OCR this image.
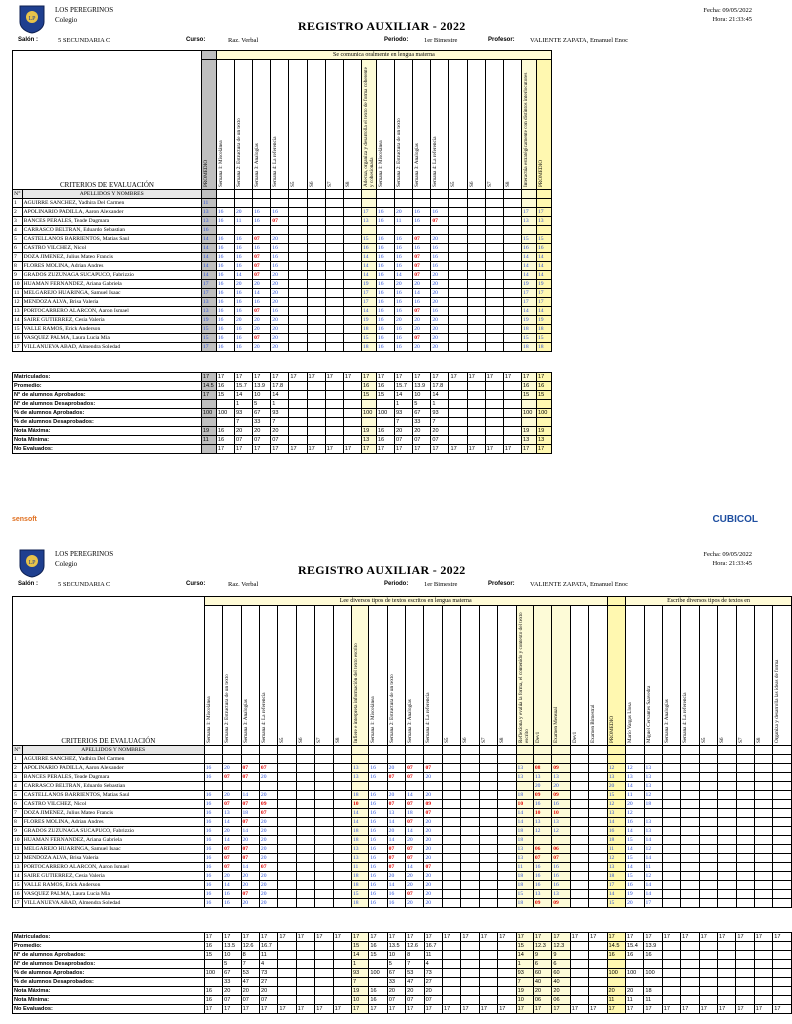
LP
LOS PEREGRINOS
Colegio	REGISTRO AUXILIAR - 2022
Fecha: 09/05/2022
Hora: 21:33:45
Salón :	5 SECUNDARIA C	Curso:	Raz. Verbal	Periodo: 1er Bimestre	Profesor: VALIENTE ZAPATA, Emanuel Enoc
CRITERIOS DE EVALUACIÓN			Se comunica oralmente en lengua materna																		

		PROMEDIO	Semana 1: Miscelánea	Semana 2: Estructura de un texto	Semana 3: Analogías	Semana 4: La referencia	S5	S6	S7	S8	Adecua, organiza y desarrolla el texto de forma coherente y cohesionada	Semana 1: Miscelánea	Semana 2: Estructura de un texto	Semana 3: Analogías	Semana 4: La referencia	S5	S6	S7	S8	Interactúa estratégicamente con distintos interlocutores	PROMEDIO

N°	APELLIDOS Y NOMBRES																				
1	AGUIRRE SANCHEZ, Yadhira Del Carmen	11																			
2	APOLINARIO PADILLA, Aaron Alexander	13	16	20	16	16					17	16	20	16	16					17	17
3	BANCES PERALES, Teade Dagmara	13	16	11	16	07					13	16	11	16	07					13	13
4	CARRASCO BELTRAN, Eduardo Sebastian	16																			
5	CASTELLANOS BARRIENTOS, Matias Saul	14	16	16	07	20					15	16	16	07	20					15	15
6	CASTRO VILCHEZ, Nicol	14	16	16	16	16					16	16	16	16	16					16	16
7	DOZA JIMENEZ, Julius Mateo Francis	14	16	16	07	16					14	16	16	07	16					14	14
8	FLORES MOLINA, Adrian Andres	14	16	16	07	16					14	16	16	07	16					14	14
9	GRADOS ZUZUNAGA SUCAPUCO, Fabrizzio	14	16	14	07	20					14	16	14	07	20					14	14
10	HUAMAN FERNANDEZ, Ariana Gabriela	17	16	20	20	20					19	16	20	20	20					19	19
11	MELGAREJO HUARINGA, Samuel Isaac	17	16	16	14	20					17	16	16	14	20					17	17
12	MENDOZA ALVA, Brisa Valeria	13	16	16	16	20					17	16	16	16	20					17	17
13	PORTOCARRERO ALARCON, Aaron Ismael	13	16	16	07	16					14	16	16	07	16					14	14
14	SAIRE GUTIERREZ, Cesia Valeria	19	16	20	20	20					19	16	20	20	20					19	19
15	VALLE RAMOS, Erick Anderson	15	16	16	20	20					18	16	16	20	20					18	18
16	VASQUEZ PALMA, Laura Lucia Mia	15	16	16	07	20					15	16	16	07	20					15	15
17	VILLANUEVA ABAD, Almendra Soledad	17	16	16	20	20					18	16	16	20	20					18	18
Matriculados:	17	17	17	17	17	17	17	17	17	17	17	17	17	17	17	17	17	17	17	17
Promedio:	14.5	16	15.7	13.9	17.8					16	16	15.7	13.9	17.8					16	16
N° de alumnos Aprobados:	17	15	14	10	14					15	15	14	10	14					15	15
N° de alumnos Desaprobados:			1	5	1							1	5	1						
% de alumnos Aprobados:	100	100	93	67	93					100	100	93	67	93					100	100
% de alumnos Desaprobados:			7	33	7							7	33	7						
Nota Máxima:	19	16	20	20	20					19	16	20	20	20					19	19
Nota Mínima:	11	16	07	07	07					13	16	07	07	07					13	13
No Evaluados:		17	17	17	17	17	17	17	17	17	17	17	17	17	17	17	17	17	17	17
sensoft	CUBICOL
LP
LOS PEREGRINOS
Colegio	REGISTRO AUXILIAR - 2022
Fecha: 09/05/2022
Hora: 21:33:45
Salón :	5 SECUNDARIA C	Curso:	Raz. Verbal	Periodo: 1er Bimestre	Profesor: VALIENTE ZAPATA, Emanuel Enoc
CRITERIOS DE EVALUACIÓN		Lee diversos tipos de textos escritos en lengua materna																							Escribe diversos tipos de textos en								

		Semana 1: Miscelánea	Semana 2: Estructura de un texto	Semana 3: Analogías	Semana 4: La referencia	S5	S6	S7	S8	Infiere e interpreta información del texto escrito	Semana 1: Miscelánea	Semana 2: Estructura de un texto	Semana 3: Analogías	Semana 4: La referencia	S5	S6	S7	S8	Reflexiona y evalúa la forma, el contenido y contexto del texto escrito	Dev1	Examen Mensual	Dev1	Examen Bimestral	PROMEDIO	Mario Vargas Llosa	Miguel Cervantes Saavedra	Semana 3: Analogías	Semana 4: La referencia	S5	S6	S7	S8	Organiza y desarrolla las ideas de forma

N°	APELLIDOS Y NOMBRES																																
1	AGUIRRE SANCHEZ, Yadhira Del Carmen																																
2	APOLINARIO PADILLA, Aaron Alexander	16	20	07	07					13	16	20	07	07					13	08	09			12	12	13							
3	BANCES PERALES, Teade Dagmara	16	07	07	20					13	16	07	07	20					13	13	13			13	13	13							
4	CARRASCO BELTRAN, Eduardo Sebastian																			20	20			20	14	13							
5	CASTELLANOS BARRIENTOS, Matias Saul	16	20	14	20					18	16	20	14	20					18	09	09			15	11	12							
6	CASTRO VILCHEZ, Nicol	16	07	07	09					10	16	07	07	09					10	16	16			12	20	18							
7	DOZA JIMENEZ, Julius Mateo Francis	16	13	18	07					14	16	13	18	07					14	10	10			13	12								
8	FLORES MOLINA, Adrian Andres	16	14	07	20					14	16	14	07	20					14	13	13			14	16	13							
9	GRADOS ZUZUNAGA SUCAPUCO, Fabrizzio	16	20	14	20					18	16	20	14	20					18	12	12			16	14	13							
10	HUAMAN FERNANDEZ, Ariana Gabriela	16	14	20	20					18	16	14	20	20					18					18	15	14							
11	MELGAREJO HUARINGA, Samuel Isaac	16	07	07	20					13	16	07	07	20					13	06	06			11	14	12							
12	MENDOZA ALVA, Brisa Valeria	16	07	07	20					13	16	07	07	20					13	07	07			12	15	14							
13	PORTOCARRERO ALARCON, Aaron Ismael	16	07	14	07					11	16	07	14	07					11	16	16			13	14	11							
14	SAIRE GUTIERREZ, Cesia Valeria	16	20	20	20					18	16	20	20	20					18	16	16			18	15	12							
15	VALLE RAMOS, Erick Anderson	16	14	20	20					18	16	14	20	20					18	16	16			17	16	14							
16	VASQUEZ PALMA, Laura Lucia Mia	16	16	07	20					15	16	16	07	20					15	13	13			14	19	14							
17	VILLANUEVA ABAD, Almendra Soledad	16	16	20	20					18	16	16	20	20					18	09	09			15	20	17							
Matriculados:	17	17	17	17	17	17	17	17	17	17	17	17	17	17	17	17	17	17	17	17	17	17	17	17	17	17	17	17	17	17	17	17
Promedio:	16	13.5	12.6	16.7					15	16	13.5	12.6	16.7					15	12.3	12.3			14.5	15.4	13.9							
N° de alumnos Aprobados:	15	10	8	11					14	15	10	8	11					14	9	9			16	16	16							
N° de alumnos Desaprobados:		5	7	4					1		5	7	4					1	6	6												
% de alumnos Aprobados:	100	67	53	73					93	100	67	53	73					93	60	60			100	100	100							
% de alumnos Desaprobados:		33	47	27					7		33	47	27					7	40	40												
Nota Máxima:	16	20	20	20					19	16	20	20	20					19	20	20			20	20	18							
Nota Mínima:	16	07	07	07					10	16	07	07	07					10	06	06			11	11	11							
No Evaluados:	17	17	17	17	17	17	17	17	17	17	17	17	17	17	17	17	17	17	17	17	17	17	17	17	17	17	17	17	17	17	17	17
